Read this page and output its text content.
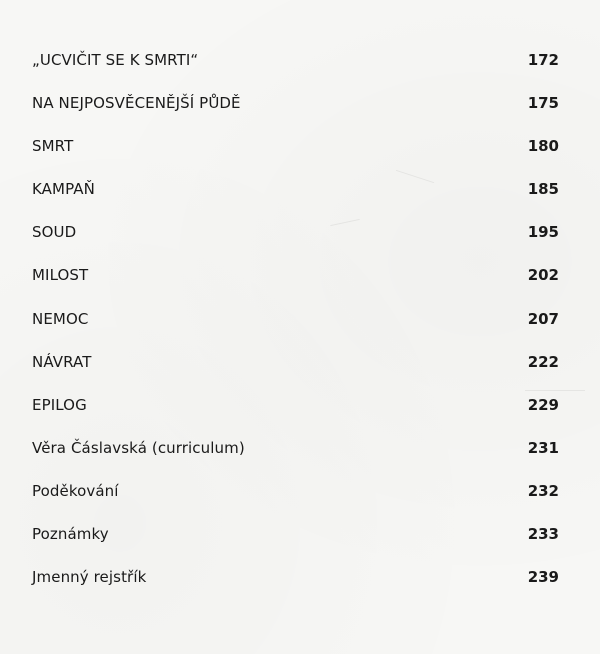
„UCVIČIT SE K SMRTI“	172
NA NEJPOSVĚCENĚJŠÍ PŮDĚ	175
SMRT	180
KAMPAŇ	185
SOUD	195
MILOST	202
NEMOC	207
NÁVRAT	222
EPILOG	229
Věra Čáslavská (curriculum)	231
Poděkování	232
Poznámky	233
Jmenný rejstřík	239
